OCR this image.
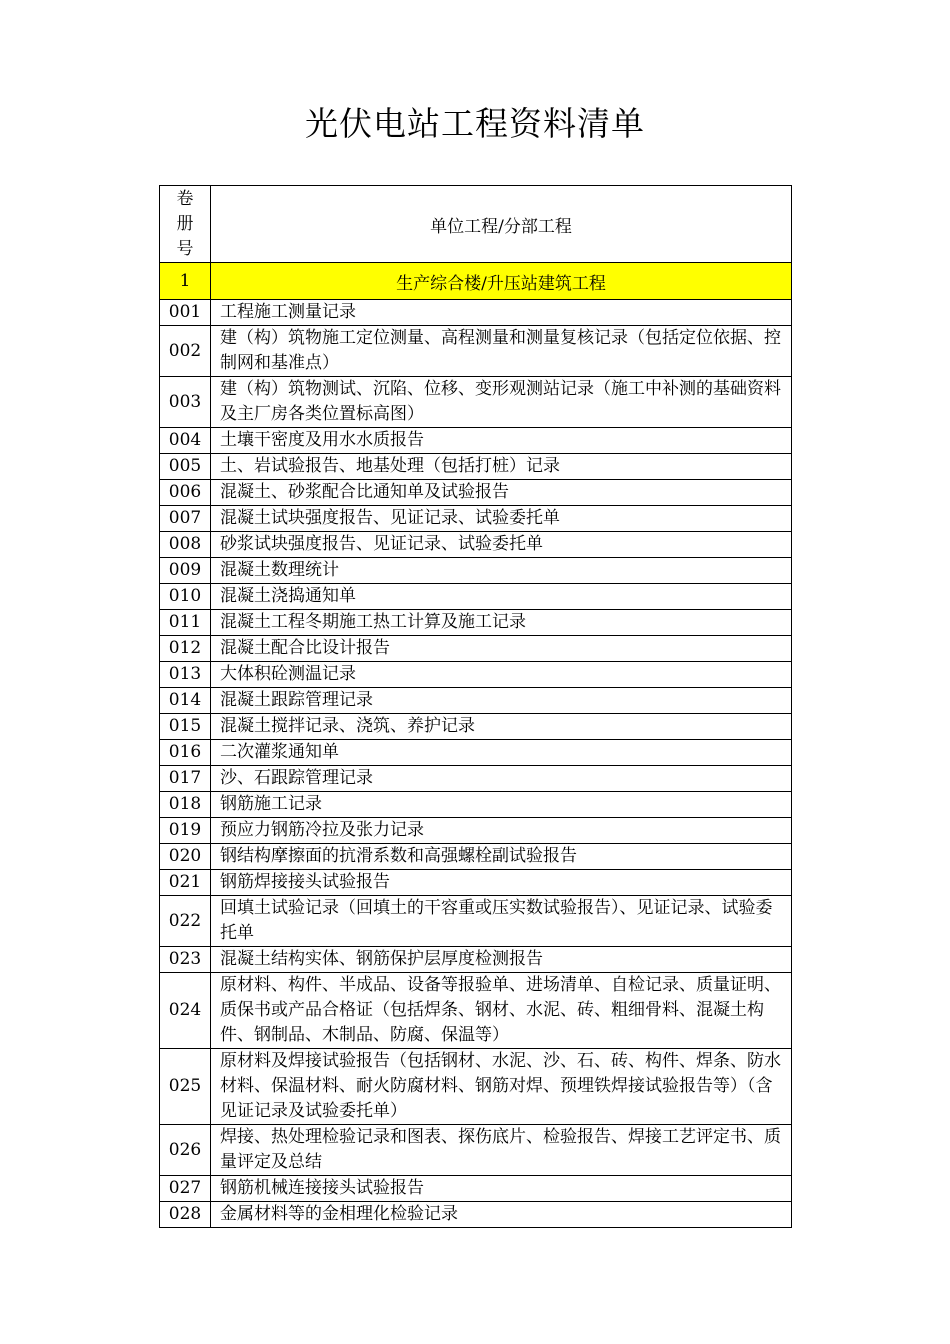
光伏电站工程资料清单
卷
册
号	单位工程/分部工程
1	生产综合楼/升压站建筑工程
001	工程施工测量记录
002	建（构）筑物施工定位测量、高程测量和测量复核记录（包括定位依据、控制网和基准点）
003	建（构）筑物测试、沉陷、位移、变形观测站记录（施工中补测的基础资料及主厂房各类位置标高图）
004	土壤干密度及用水水质报告
005	土、岩试验报告、地基处理（包括打桩）记录
006	混凝土、砂浆配合比通知单及试验报告
007	混凝土试块强度报告、见证记录、试验委托单
008	砂浆试块强度报告、见证记录、试验委托单
009	混凝土数理统计
010	混凝土浇捣通知单
011	混凝土工程冬期施工热工计算及施工记录
012	混凝土配合比设计报告
013	大体积砼测温记录
014	混凝土跟踪管理记录
015	混凝土搅拌记录、浇筑、养护记录
016	二次灌浆通知单
017	沙、石跟踪管理记录
018	钢筋施工记录
019	预应力钢筋冷拉及张力记录
020	钢结构摩擦面的抗滑系数和高强螺栓副试验报告
021	钢筋焊接接头试验报告
022	回填土试验记录（回填土的干容重或压实数试验报告）、见证记录、试验委托单
023	混凝土结构实体、钢筋保护层厚度检测报告
024	原材料、构件、半成品、设备等报验单、进场清单、自检记录、质量证明、质保书或产品合格证（包括焊条、钢材、水泥、砖、粗细骨料、混凝土构件、钢制品、木制品、防腐、保温等）
025	原材料及焊接试验报告（包括钢材、水泥、沙、石、砖、构件、焊条、防水材料、保温材料、耐火防腐材料、钢筋对焊、预埋铁焊接试验报告等）（含见证记录及试验委托单）
026	焊接、热处理检验记录和图表、探伤底片、检验报告、焊接工艺评定书、质量评定及总结
027	钢筋机械连接接头试验报告
028	金属材料等的金相理化检验记录
